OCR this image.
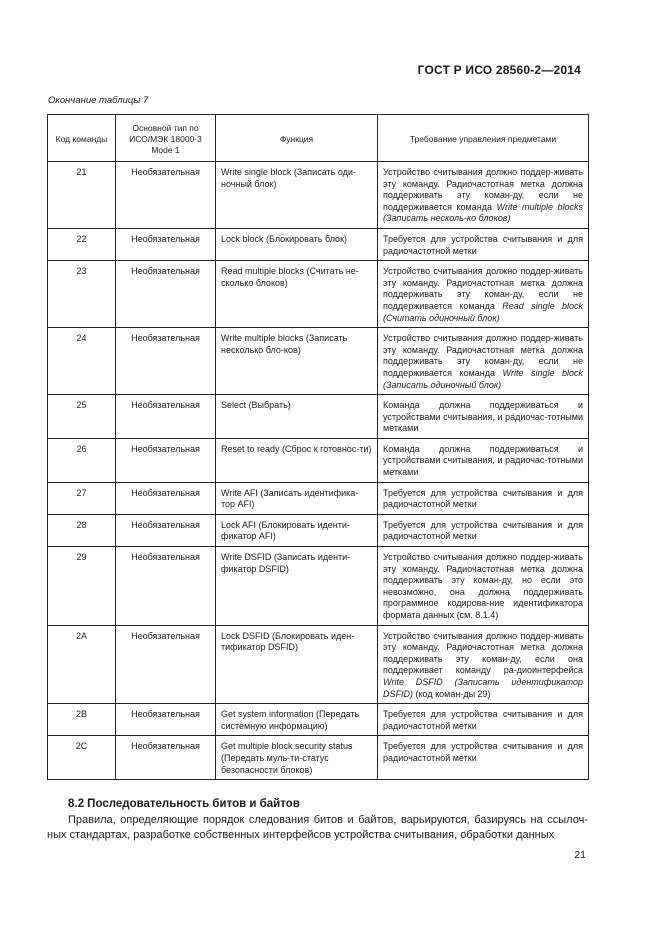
ГОСТ Р ИСО 28560-2—2014
Окончание таблицы 7
Код команды	Основной тип по ИСО/МЭК 18000-3 Mode 1	Функция	Требование управления предметами
21	Необязательная	Write single block (Записать оди-ночный блок)	Устройство считывания должно поддер-живать эту команду. Радиочастотная метка должна поддерживать эту коман-ду, если не поддерживается команда Write multiple blocks (Записать несколь-ко блоков)
22	Необязательная	Lock block (Блокировать блок)	Требуется для устройства считывания и для радиочастотной метки
23	Необязательная	Read multiple blocks (Считать не-сколько блоков)	Устройство считывания должно поддер-живать эту команду. Радиочастотная метка должна поддерживать эту коман-ду, если не поддерживается команда Read single block (Считать одиночный блок)
24	Необязательная	Write multiple blocks (Записать несколько бло-ков)	Устройство считывания должно поддер-живать эту команду. Радиочастотная метка должна поддерживать эту коман-ду, если не поддерживается команда Write single block (Записать одиночный блок)
25	Необязательная	Select (Выбрать)	Команда должна поддерживаться и устройствами считывания, и радиочас-тотными метками
26	Необязательная	Reset to ready (Сброс к готовнос-ти)	Команда должна поддерживаться и устройствами считывания, и радиочас-тотными метками
27	Необязательная	Write AFI (Записать идентифика-тор AFI)	Требуется для устройства считывания и для радиочастотной метки
28	Необязательная	Lock AFI (Блокировать иденти-фикатор AFI)	Требуется для устройства считывания и для радиочастотной метки
29	Необязательная	Write DSFID (Записать иденти-фикатор DSFID)	Устройство считывания должно поддер-живать эту команду. Радиочастотная метка должна поддерживать эту коман-ду, но если это невозможно, она должна поддерживать программное кодирова-ние идентификатора формата данных (см. 8.1.4)
2A	Необязательная	Lock DSFID (Блокировать иден-тификатор DSFID)	Устройство считывания должно поддер-живать эту команду. Радиочастотная метка должна поддерживать эту коман-ду, если она поддерживает команду ра-диоинтерфейса Write DSFID (Записать идентификатор DSFID) (код коман-ды 29)
2B	Необязательная	Get system information (Передать системную информацию)	Требуется для устройства считывания и для радиочастотной метки
2C	Необязательная	Get multiple block security status (Передать муль-ти-статус безопасности блоков)	Требуется для устройства считывания и для радиочастотной метки
8.2 Последовательность битов и байтов
Правила, определяющие порядок следования битов и байтов, варьируются, базируясь на ссылоч-ных стандартах, разработке собственных интерфейсов устройства считывания, обработки данных
21
